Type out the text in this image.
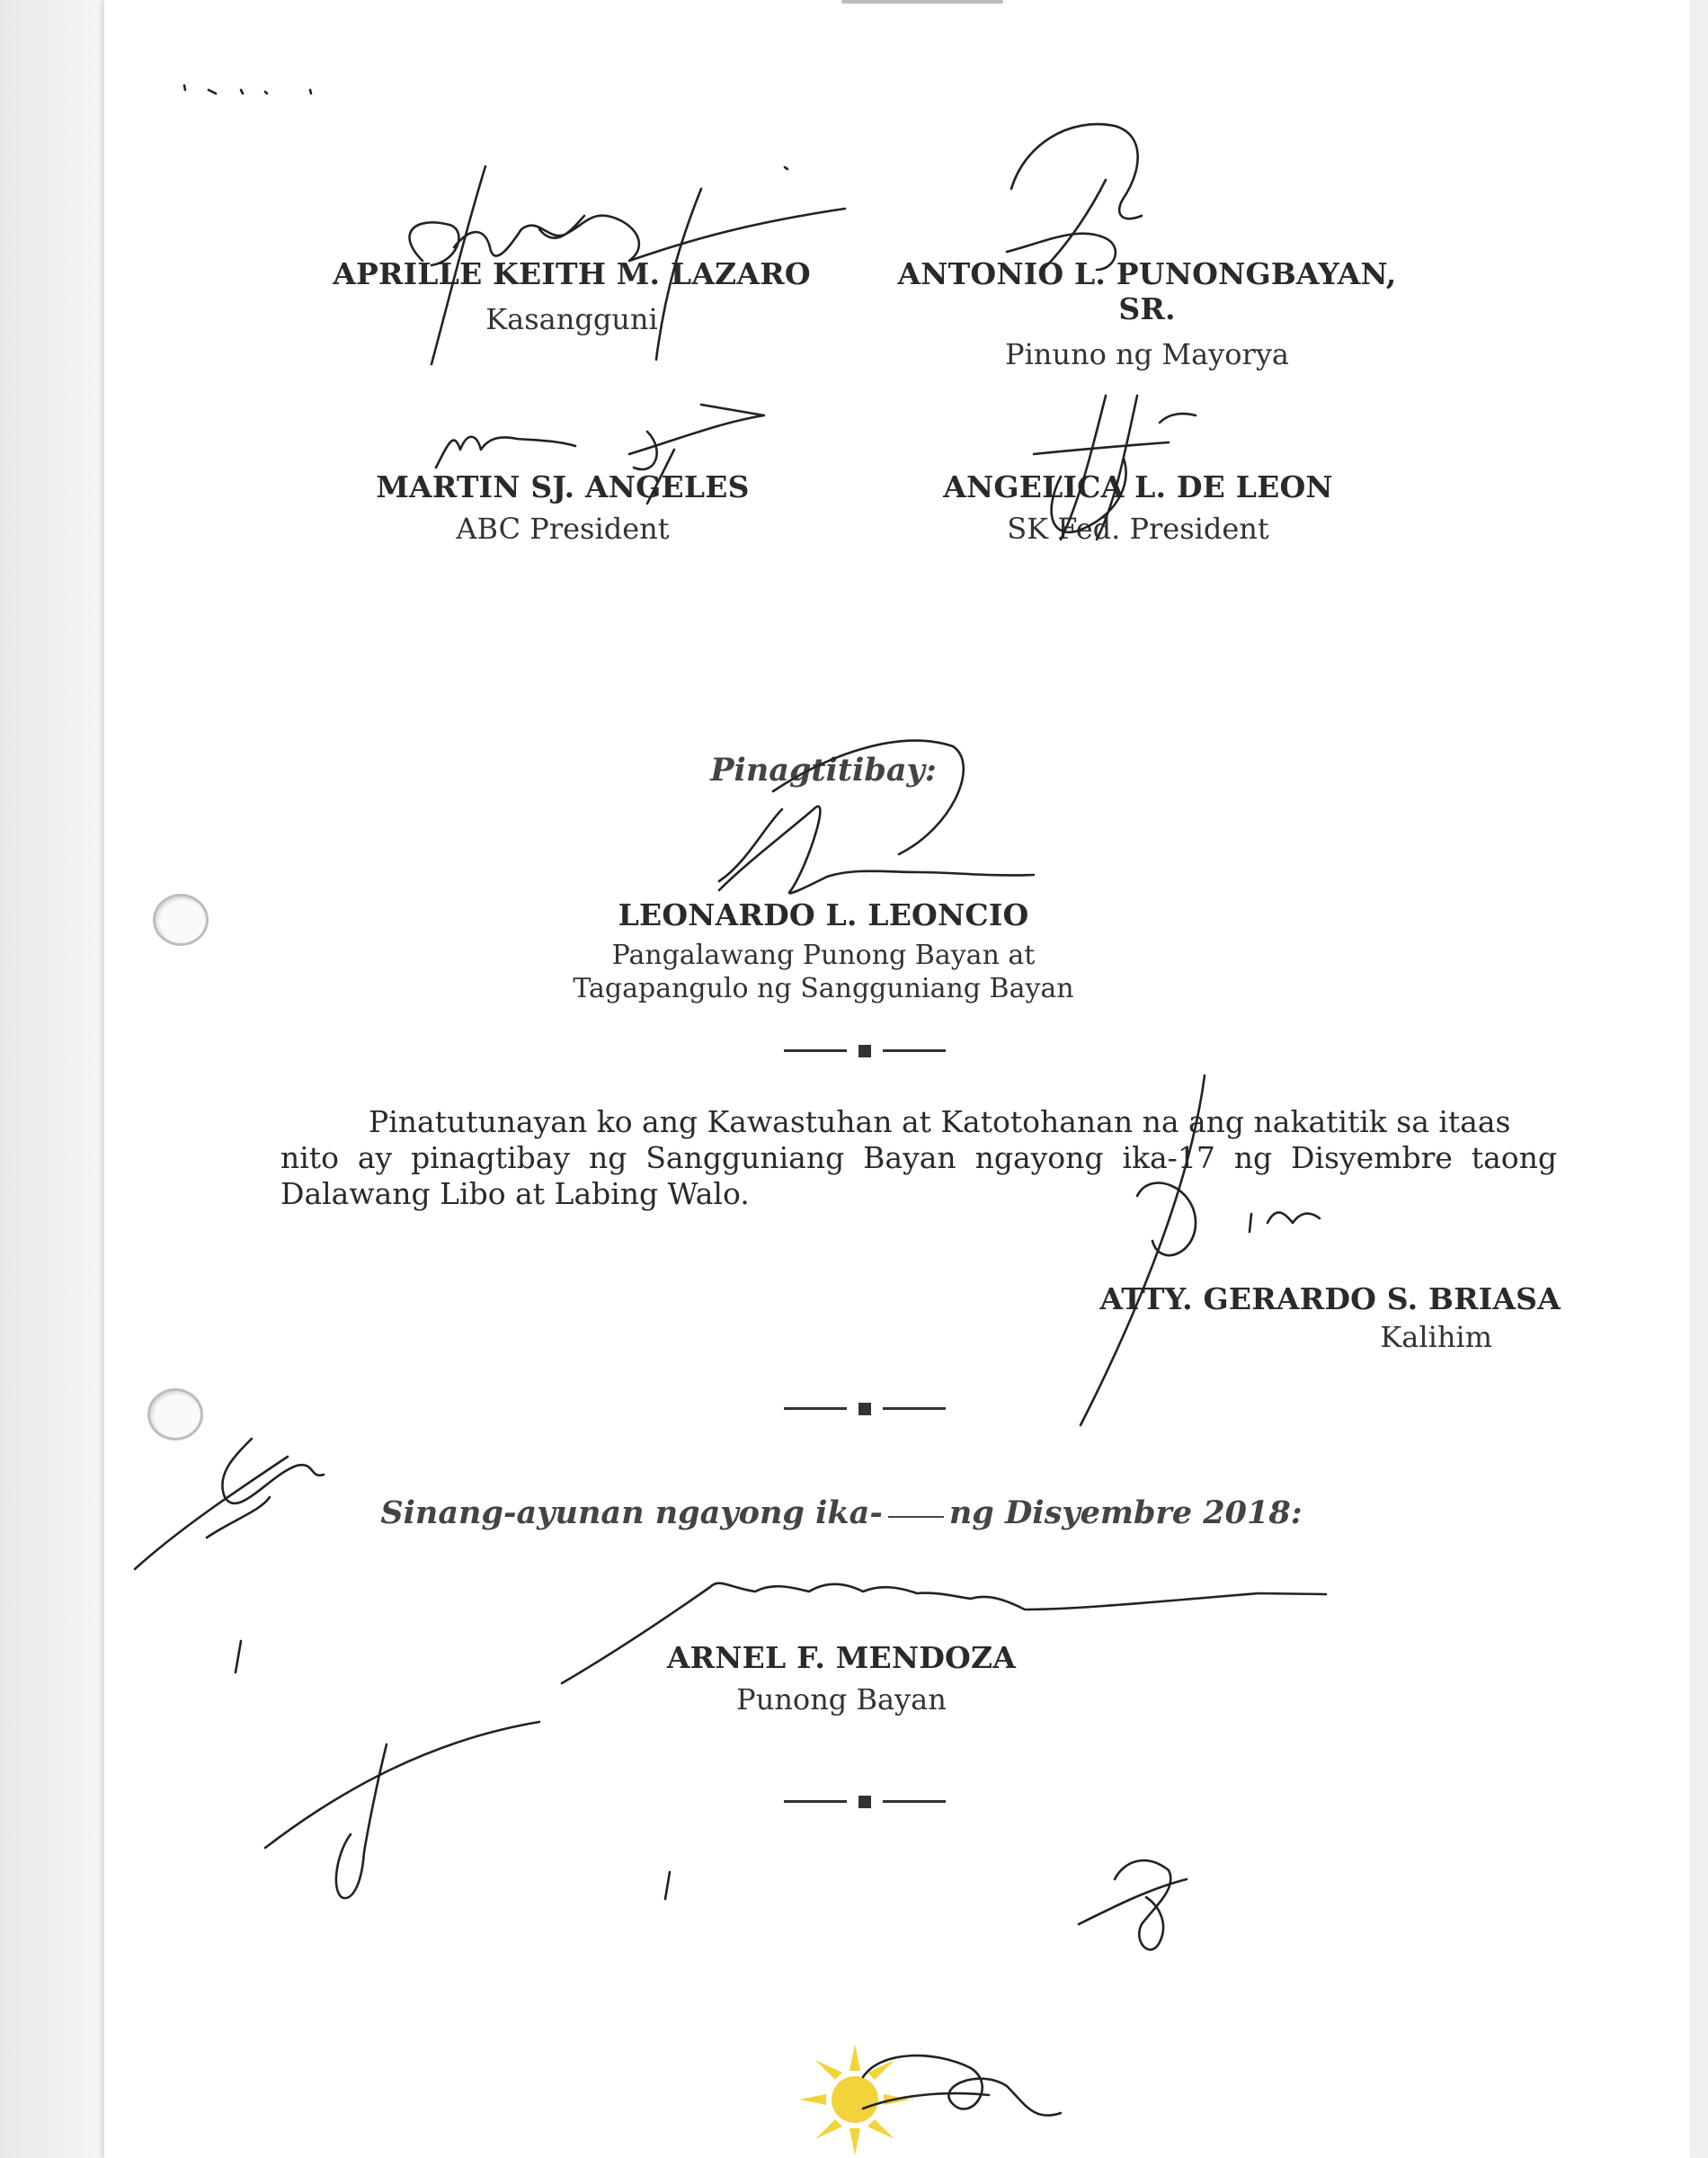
APRILLE KEITH M. LAZARO
Kasangguni
ANTONIO L. PUNONGBAYAN, SR.
Pinuno ng Mayorya
MARTIN SJ. ANGELES
ABC President
ANGELICA L. DE LEON
SK Fed. President
Pinagtitibay:
LEONARDO L. LEONCIO
Pangalawang Punong Bayan at
Tagapangulo ng Sangguniang Bayan
Pinatutunayan ko ang Kawastuhan at Katotohanan na ang nakatitik sa itaas
nito ay pinagtibay ng Sangguniang Bayan ngayong ika-17 ng Disyembre taong
Dalawang Libo at Labing Walo.
ATTY. GERARDO S. BRIASA
Kalihim
Sinang-ayunan ngayong ika- ng Disyembre 2018:
ARNEL F. MENDOZA
Punong Bayan
